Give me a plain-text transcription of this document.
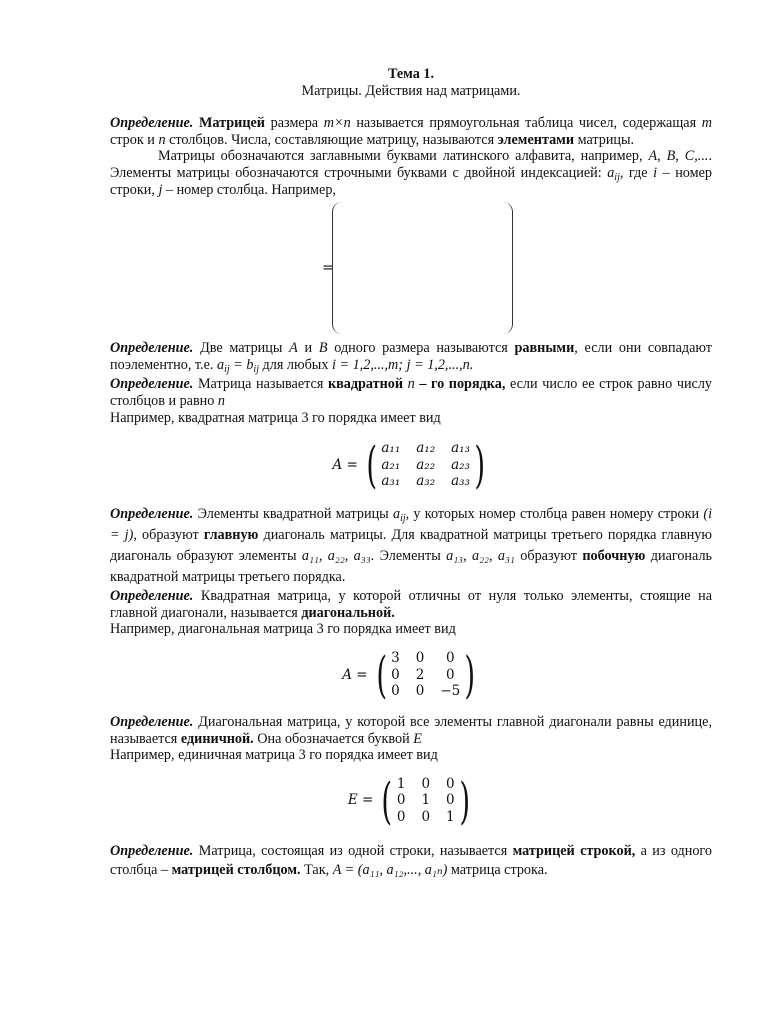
Тема 1.

Матрицы. Действия над матрицами.

Определение. Матрицей размера m×n называется прямоугольная таблица чисел, содержащая m строк и n столбцов. Числа, составляющие матрицу, называются элементами матрицы.

Матрицы обозначаются заглавными буквами латинского алфавита, например, A, B, C,.... Элементы матрицы обозначаются строчными буквами с двойной индексацией: $a_{ij}$, где i – номер строки, j – номер столбца. Например,

=

Определение. Две матрицы A и B одного размера называются равными, если они совпадают поэлементно, т.е. $a_{ij} = b_{ij}$ для любых i = 1,2,...,m; j = 1,2,...,n.

Определение. Матрица называется квадратной n – го порядка, если число ее строк равно числу столбцов и равно n

Например, квадратная матрица 3 го порядка имеет вид

A = ( a₁₁ a₁₂ a₁₃
a₂₁ a₂₂ a₂₃
a₃₁ a₃₂ a₃₃ )

Определение. Элементы квадратной матрицы $a_{ij}$, у которых номер столбца равен номеру строки (i = j), образуют главную диагональ матрицы. Для квадратной матрицы третьего порядка главную диагональ образуют элементы a₁₁, a₂₂, a₃₃. Элементы a₁₃, a₂₂, a₃₁ образуют побочную диагональ квадратной матрицы третьего порядка.

Определение. Квадратная матрица, у которой отличны от нуля только элементы, стоящие на главной диагонали, называется диагональной.

Например, диагональная матрица 3 го порядка имеет вид

A = ( 3 0	0
0 2	0
0 0 −5 )

Определение. Диагональная матрица, у которой все элементы главной диагонали равны единице, называется единичной. Она обозначается буквой E

Например, единичная матрица 3 го порядка имеет вид

E = ( 1 0 0
0 1 0
0 0 1 )

Определение. Матрица, состоящая из одной строки, называется матрицей строкой, а из одного столбца – матрицей столбцом. Так, A = (a₁₁, a₁₂,..., a₁ₙ) матрица строка.
